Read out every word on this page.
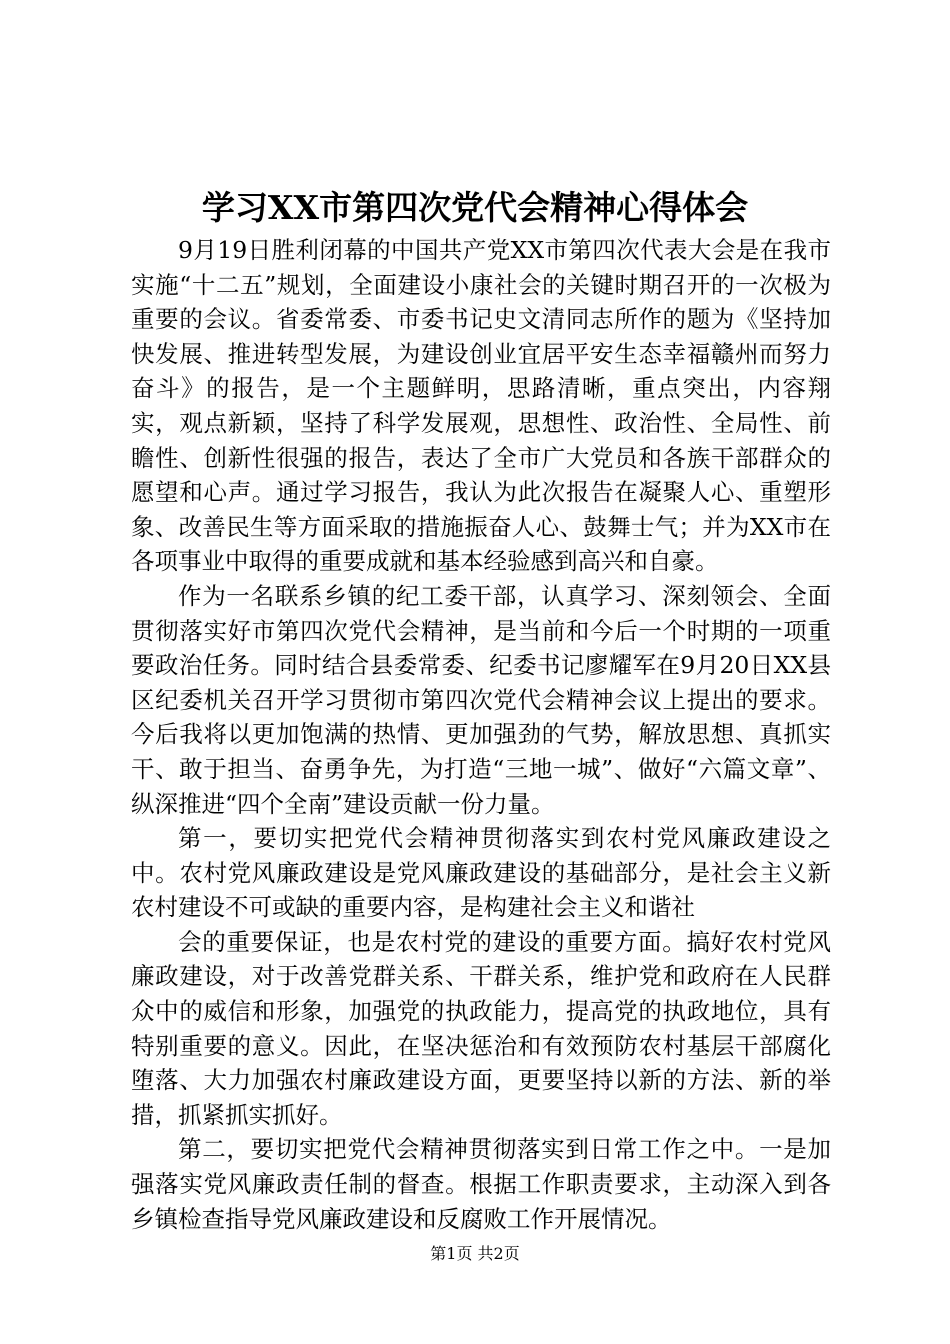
学习XX市第四次党代会精神心得体会

9月19日胜利闭幕的中国共产党XX市第四次代表大会是在我市实施“十二五”规划，全面建设小康社会的关键时期召开的一次极为重要的会议。省委常委、市委书记史文清同志所作的题为《坚持加快发展、推进转型发展，为建设创业宜居平安生态幸福赣州而努力奋斗》的报告，是一个主题鲜明，思路清晰，重点突出，内容翔实，观点新颖，坚持了科学发展观，思想性、政治性、全局性、前瞻性、创新性很强的报告，表达了全市广大党员和各族干部群众的愿望和心声。通过学习报告，我认为此次报告在凝聚人心、重塑形象、改善民生等方面采取的措施振奋人心、鼓舞士气；并为XX市在各项事业中取得的重要成就和基本经验感到高兴和自豪。

作为一名联系乡镇的纪工委干部，认真学习、深刻领会、全面贯彻落实好市第四次党代会精神，是当前和今后一个时期的一项重要政治任务。同时结合县委常委、纪委书记廖耀军在9月20日XX县区纪委机关召开学习贯彻市第四次党代会精神会议上提出的要求。今后我将以更加饱满的热情、更加强劲的气势，解放思想、真抓实干、敢于担当、奋勇争先，为打造“三地一城”、做好“六篇文章”、纵深推进“四个全南”建设贡献一份力量。

第一，要切实把党代会精神贯彻落实到农村党风廉政建设之中。农村党风廉政建设是党风廉政建设的基础部分，是社会主义新农村建设不可或缺的重要内容，是构建社会主义和谐社

会的重要保证，也是农村党的建设的重要方面。搞好农村党风廉政建设，对于改善党群关系、干群关系，维护党和政府在人民群众中的威信和形象，加强党的执政能力，提高党的执政地位，具有特别重要的意义。因此，在坚决惩治和有效预防农村基层干部腐化堕落、大力加强农村廉政建设方面，更要坚持以新的方法、新的举措，抓紧抓实抓好。

第二，要切实把党代会精神贯彻落实到日常工作之中。一是加强落实党风廉政责任制的督查。根据工作职责要求，主动深入到各乡镇检查指导党风廉政建设和反腐败工作开展情况。

第1页 共2页
